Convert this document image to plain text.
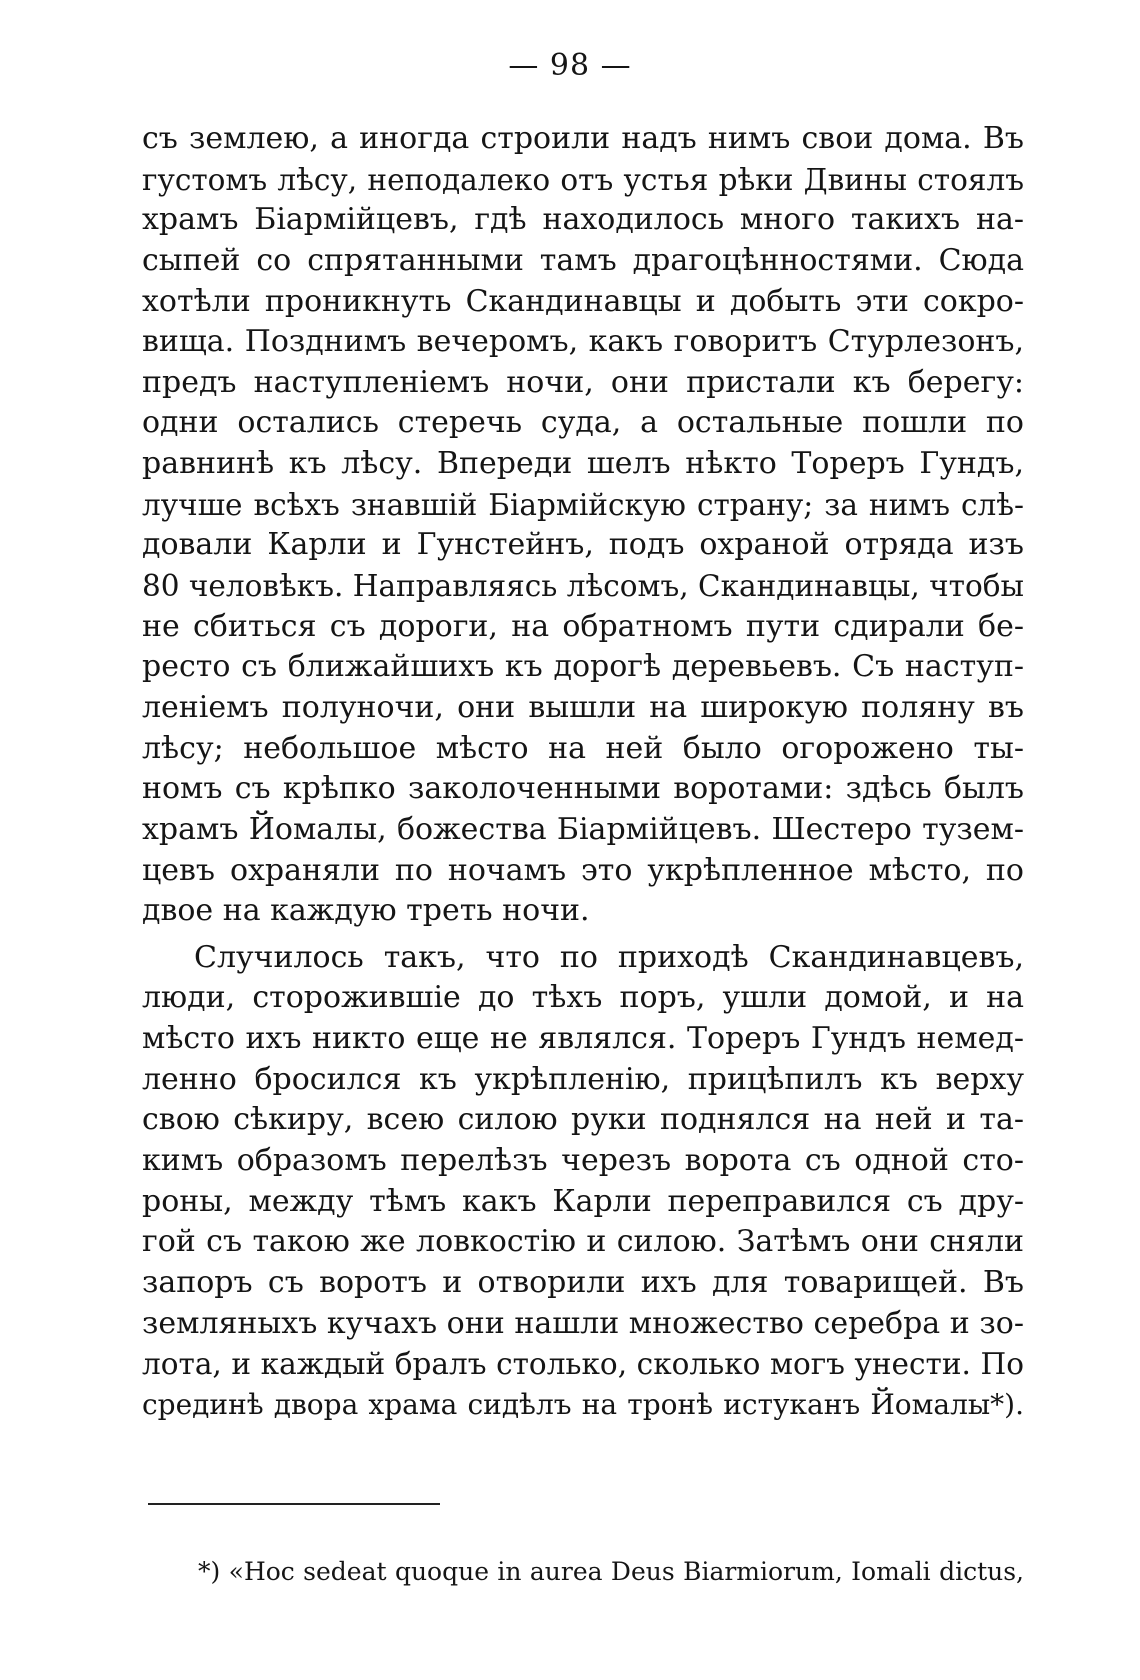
— 98 —
съ землею, а иногда строили надъ нимъ свои дома. Въ
густомъ лѣсу, неподалеко отъ устья рѣки Двины стоялъ
храмъ Біармійцевъ, гдѣ находилось много такихъ на-
сыпей со спрятанными тамъ драгоцѣнностями. Сюда
хотѣли проникнуть Скандинавцы и добыть эти сокро-
вища. Позднимъ вечеромъ, какъ говоритъ Стурлезонъ,
предъ наступленіемъ ночи, они пристали къ берегу:
одни остались стеречь суда, а остальные пошли по
равнинѣ къ лѣсу. Впереди шелъ нѣкто Тореръ Гундъ,
лучше всѣхъ знавшій Біармійскую страну; за нимъ слѣ-
довали Карли и Гунстейнъ, подъ охраной отряда изъ
80 человѣкъ. Направляясь лѣсомъ, Скандинавцы, чтобы
не сбиться съ дороги, на обратномъ пути сдирали бе-
ресто съ ближайшихъ къ дорогѣ деревьевъ. Съ наступ-
леніемъ полуночи, они вышли на широкую поляну въ
лѣсу; небольшое мѣсто на ней было огорожено ты-
номъ съ крѣпко заколоченными воротами: здѣсь былъ
храмъ Йомалы, божества Біармійцевъ. Шестеро тузем-
цевъ охраняли по ночамъ это укрѣпленное мѣсто, по
двое на каждую треть ночи.
Случилось такъ, что по приходѣ Скандинавцевъ,
люди, сторожившіе до тѣхъ поръ, ушли домой, и на
мѣсто ихъ никто еще не являлся. Тореръ Гундъ немед-
ленно бросился къ укрѣпленію, прицѣпилъ къ верху
свою сѣкиру, всею силою руки поднялся на ней и та-
кимъ образомъ перелѣзъ черезъ ворота съ одной сто-
роны, между тѣмъ какъ Карли переправился съ дру-
гой съ такою же ловкостію и силою. Затѣмъ они сняли
запоръ съ воротъ и отворили ихъ для товарищей. Въ
земляныхъ кучахъ они нашли множество серебра и зо-
лота, и каждый бралъ столько, сколько могъ унести. По
срединѣ двора храма сидѣлъ на тронѣ истуканъ Йомалы*).
*) «Hoc sedeat quoque in aurea Deus Biarmiorum, Iomali dictus,
